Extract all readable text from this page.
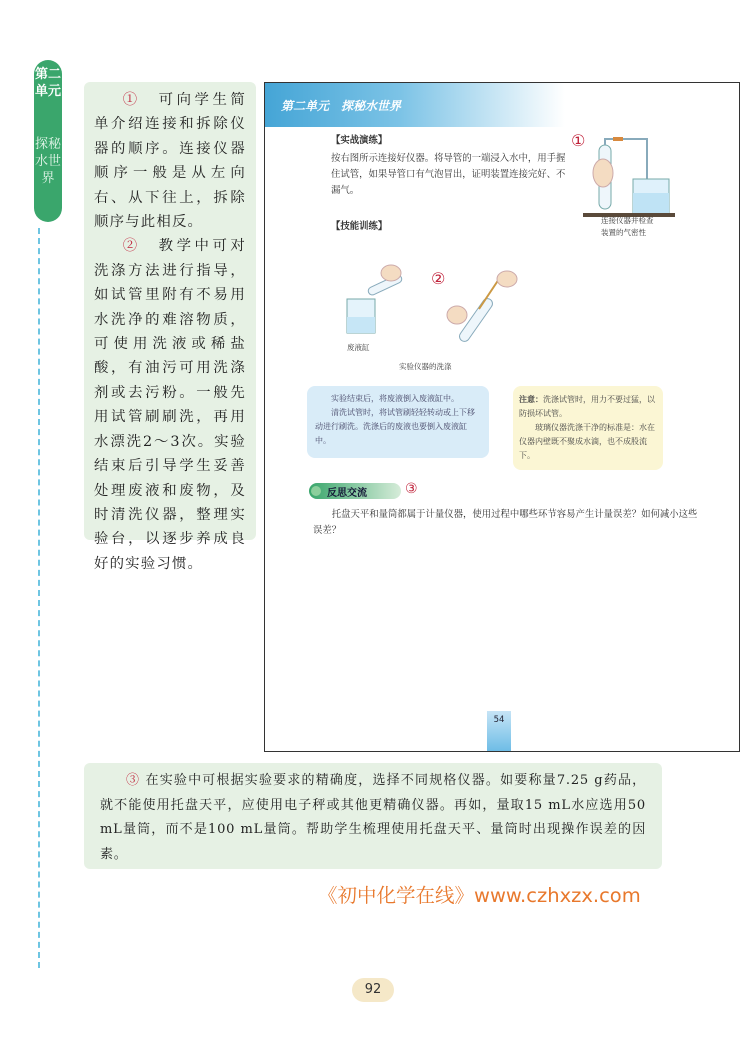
第二单元
探秘水世界

①　 可向学生简单介绍连接和拆除仪器的顺序。连接仪器顺序一般是从左向右、从下往上，拆除顺序与此相反。

②　 教学中可对洗涤方法进行指导，如试管里附有不易用水洗净的难溶物质，可使用洗液或稀盐酸，有油污可用洗涤剂或去污粉。一般先用试管刷刷洗，再用水漂洗2～3次。实验结束后引导学生妥善处理废液和废物，及时清洗仪器，整理实验台，以逐步养成良好的实验习惯。

第二单元　探秘水世界
【实战演练】
按右图所示连接好仪器。将导管的一端浸入水中，用手握住试管，如果导管口有气泡冒出，证明装置连接完好、不漏气。
①
连接仪器并检查
装置的气密性
【技能训练】
废液缸
②
实验仪器的洗涤

实验结束后，将废液倒入废液缸中。

清洗试管时，将试管刷轻轻转动或上下移动进行刷洗。洗涤后的废液也要倒入废液缸中。

注意：洗涤试管时，用力不要过猛，以防损坏试管。

玻璃仪器洗涤干净的标准是：水在仪器内壁既不聚成水滴，也不成股流下。

反思交流	③
托盘天平和量筒都属于计量仪器，使用过程中哪些环节容易产生计量误差？如何减小这些误差？
54

③ 在实验中可根据实验要求的精确度，选择不同规格仪器。如要称量7.25 g药品，就不能使用托盘天平，应使用电子秤或其他更精确仪器。再如，量取15 mL水应选用50 mL量筒，而不是100 mL量筒。帮助学生梳理使用托盘天平、量筒时出现操作误差的因素。

《初中化学在线》www.czhxzx.com
92
